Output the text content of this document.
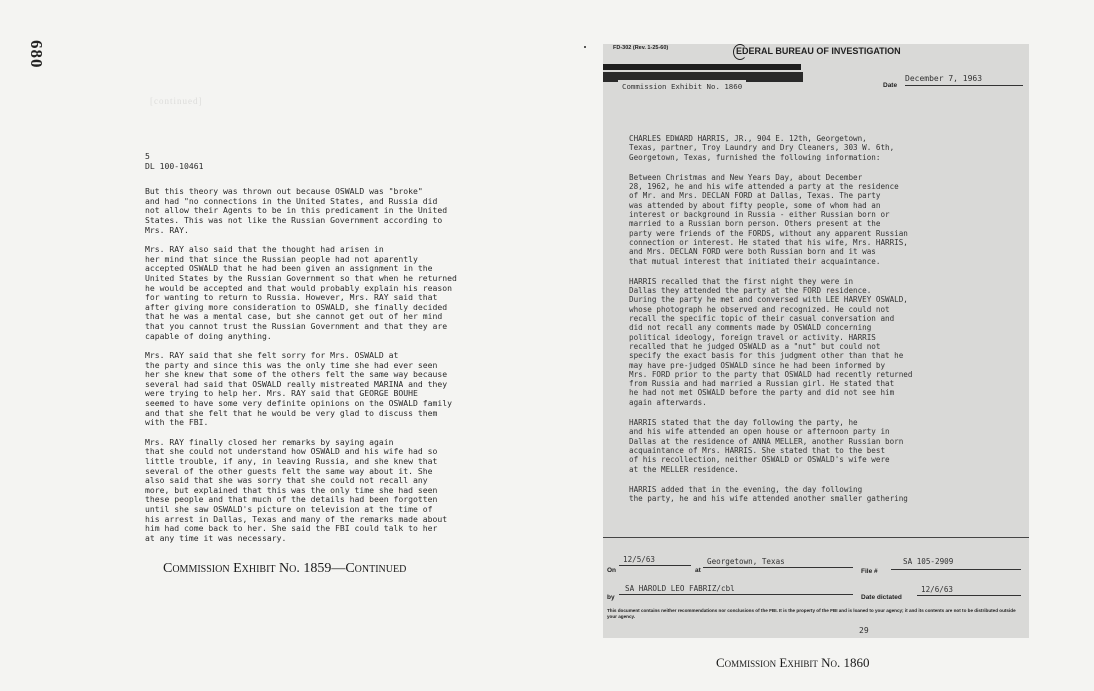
680
[continued]
5
DL 100-10461

But this theory was thrown out because OSWALD was "broke"
and had "no connections in the United States, and Russia did
not allow their Agents to be in this predicament in the United
States. This was not like the Russian Government according to
Mrs. RAY.

Mrs. RAY also said that the thought had arisen in
her mind that since the Russian people had not aparently
accepted OSWALD that he had been given an assignment in the
United States by the Russian Government so that when he returned
he would be accepted and that would probably explain his reason
for wanting to return to Russia. However, Mrs. RAY said that
after giving more consideration to OSWALD, she finally decided
that he was a mental case, but she cannot get out of her mind
that you cannot trust the Russian Government and that they are
capable of doing anything.

Mrs. RAY said that she felt sorry for Mrs. OSWALD at
the party and since this was the only time she had ever seen
her she knew that some of the others felt the same way because
several had said that OSWALD really mistreated MARINA and they
were trying to help her. Mrs. RAY said that GEORGE BOUHE
seemed to have some very definite opinions on the OSWALD family
and that she felt that he would be very glad to discuss them
with the FBI.

Mrs. RAY finally closed her remarks by saying again
that she could not understand how OSWALD and his wife had so
little trouble, if any, in leaving Russia, and she knew that
several of the other guests felt the same way about it. She
also said that she was sorry that she could not recall any
more, but explained that this was the only time she had seen
these people and that much of the details had been forgotten
until she saw OSWALD's picture on television at the time of
his arrest in Dallas, Texas and many of the remarks made about
him had come back to her. She said the FBI could talk to her
at any time it was necessary.

Commission Exhibit No. 1859—Continued
FD-302 (Rev. 1-25-60)	EDERAL BUREAU OF INVESTIGATION
Commission Exhibit No. 1860	Date
December 7, 1963

CHARLES EDWARD HARRIS, JR., 904 E. 12th, Georgetown,
Texas, partner, Troy Laundry and Dry Cleaners, 303 W. 6th,
Georgetown, Texas, furnished the following information:

Between Christmas and New Years Day, about December
28, 1962, he and his wife attended a party at the residence
of Mr. and Mrs. DECLAN FORD at Dallas, Texas. The party
was attended by about fifty people, some of whom had an
interest or background in Russia - either Russian born or
married to a Russian born person. Others present at the
party were friends of the FORDS, without any apparent Russian
connection or interest. He stated that his wife, Mrs. HARRIS,
and Mrs. DECLAN FORD were both Russian born and it was
that mutual interest that initiated their acquaintance.

HARRIS recalled that the first night they were in
Dallas they attended the party at the FORD residence.
During the party he met and conversed with LEE HARVEY OSWALD,
whose photograph he observed and recognized. He could not
recall the specific topic of their casual conversation and
did not recall any comments made by OSWALD concerning
political ideology, foreign travel or activity. HARRIS
recalled that he judged OSWALD as a "nut" but could not
specify the exact basis for this judgment other than that he
may have pre-judged OSWALD since he had been informed by
Mrs. FORD prior to the party that OSWALD had recently returned
from Russia and had married a Russian girl. He stated that
he had not met OSWALD before the party and did not see him
again afterwards.

HARRIS stated that the day following the party, he
and his wife attended an open house or afternoon party in
Dallas at the residence of ANNA MELLER, another Russian born
acquaintance of Mrs. HARRIS. She stated that to the best
of his recollection, neither OSWALD or OSWALD's wife were
at the MELLER residence.

HARRIS added that in the evening, the day following
the party, he and his wife attended another smaller gathering

On
12/5/63
at
Georgetown, Texas
File #
SA 105-2909
by
SA HAROLD LEO FABRIZ/cbl
Date dictated
12/6/63
This document contains neither recommendations nor conclusions of the FBI. It is the property of the FBI and is loaned to your agency; it and its contents are not to be distributed outside your agency.
29
Commission Exhibit No. 1860
